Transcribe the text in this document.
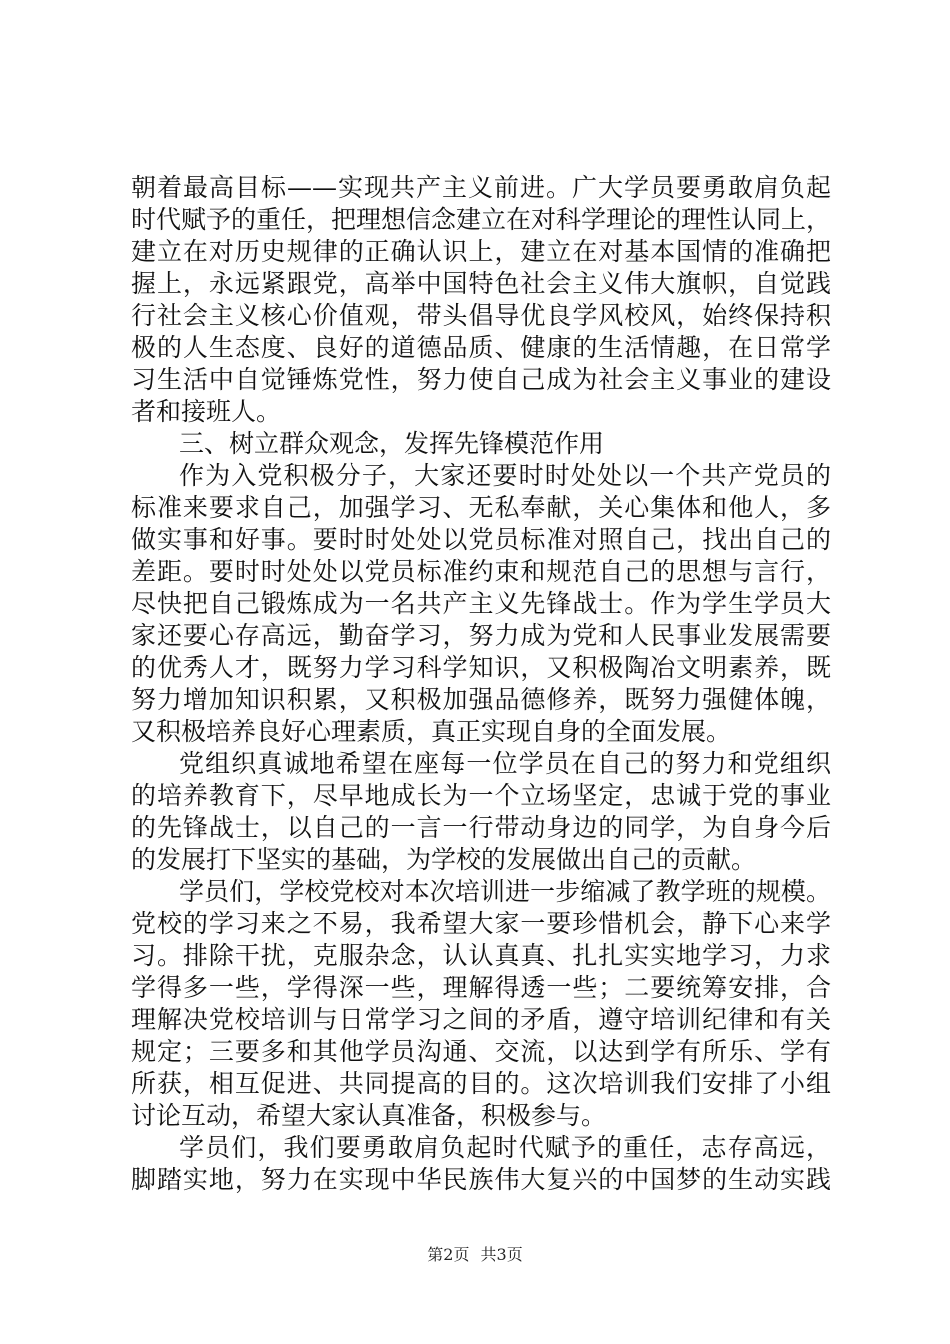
朝着最高目标——实现共产主义前进。广大学员要勇敢肩负起
时代赋予的重任，把理想信念建立在对科学理论的理性认同上，
建立在对历史规律的正确认识上，建立在对基本国情的准确把
握上，永远紧跟党，高举中国特色社会主义伟大旗帜，自觉践
行社会主义核心价值观，带头倡导优良学风校风，始终保持积
极的人生态度、良好的道德品质、健康的生活情趣，在日常学
习生活中自觉锤炼党性，努力使自己成为社会主义事业的建设
者和接班人。
三、树立群众观念，发挥先锋模范作用
作为入党积极分子，大家还要时时处处以一个共产党员的
标准来要求自己，加强学习、无私奉献，关心集体和他人，多
做实事和好事。要时时处处以党员标准对照自己，找出自己的
差距。要时时处处以党员标准约束和规范自己的思想与言行，
尽快把自己锻炼成为一名共产主义先锋战士。作为学生学员大
家还要心存高远，勤奋学习，努力成为党和人民事业发展需要
的优秀人才，既努力学习科学知识，又积极陶冶文明素养，既
努力增加知识积累，又积极加强品德修养，既努力强健体魄，
又积极培养良好心理素质，真正实现自身的全面发展。
党组织真诚地希望在座每一位学员在自己的努力和党组织
的培养教育下，尽早地成长为一个立场坚定，忠诚于党的事业
的先锋战士，以自己的一言一行带动身边的同学，为自身今后
的发展打下坚实的基础，为学校的发展做出自己的贡献。
学员们，学校党校对本次培训进一步缩减了教学班的规模。
党校的学习来之不易，我希望大家一要珍惜机会，静下心来学
习。排除干扰，克服杂念，认认真真、扎扎实实地学习，力求
学得多一些，学得深一些，理解得透一些；二要统筹安排，合
理解决党校培训与日常学习之间的矛盾，遵守培训纪律和有关
规定；三要多和其他学员沟通、交流，以达到学有所乐、学有
所获，相互促进、共同提高的目的。这次培训我们安排了小组
讨论互动，希望大家认真准备，积极参与。
学员们，我们要勇敢肩负起时代赋予的重任，志存高远，
脚踏实地，努力在实现中华民族伟大复兴的中国梦的生动实践
第2页 共3页
